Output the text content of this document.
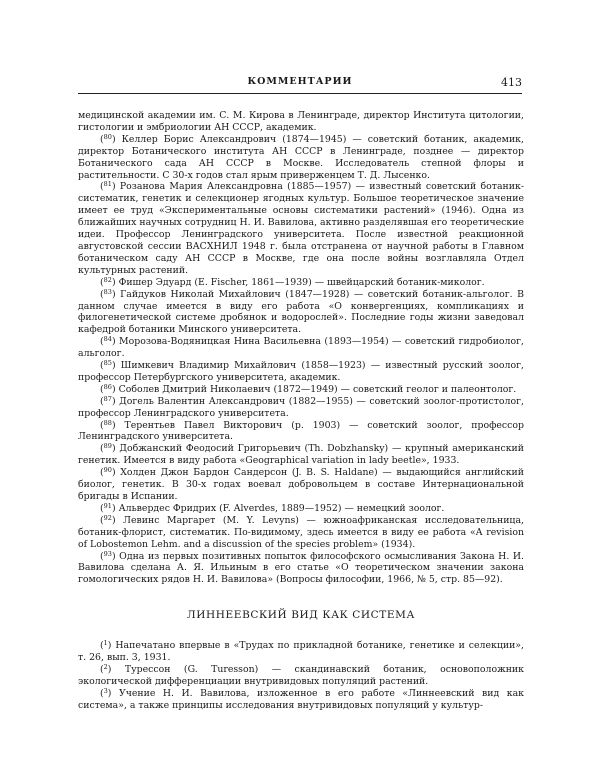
КОММЕНТАРИИ	413

медицинской академии им. С. М. Кирова в Ленинграде, директор Института цитологии, гистологии и эмбриологии АН СССР, академик.

($^{80}$) Келлер Борис Александрович (1874—1945) — советский ботаник, академик, директор Ботанического института АН СССР в Ленинграде, позднее — директор Ботанического сада АН СССР в Москве. Исследователь степной флоры и растительности. С 30-х годов стал ярым приверженцем Т. Д. Лысенко.

($^{81}$) Розанова Мария Александровна (1885—1957) — известный советский ботаник-систематик, генетик и селекционер ягодных культур. Большое теоретическое значение имеет ее труд «Экспериментальные основы систематики растений» (1946). Одна из ближайших научных сотрудниц Н. И. Вавилова, активно разделявшая его теоретические идеи. Профессор Ленинградского университета. После известной реакционной августовской сессии ВАСХНИЛ 1948 г. была отстранена от научной работы в Главном ботаническом саду АН СССР в Москве, где она после войны возглавляла Отдел культурных растений.

($^{82}$) Фишер Эдуард (E. Fischer, 1861—1939) — швейцарский ботаник-миколог.

($^{83}$) Гайдуков Николай Михайлович (1847—1928) — советский ботаник-альголог. В данном случае имеется в виду его работа «О конвергенциях, компликациях и филогенетической системе дробянок и водорослей». Последние годы жизни заведовал кафедрой ботаники Минского университета.

($^{84}$) Морозова-Водяницкая Нина Васильевна (1893—1954) — советский гидробиолог, альголог.

($^{85}$) Шимкевич Владимир Михайлович (1858—1923) — известный русский зоолог, профессор Петербургского университета, академик.

($^{86}$) Соболев Дмитрий Николаевич (1872—1949) — советский геолог и палеонтолог.

($^{87}$) Догель Валентин Александрович (1882—1955) — советский зоолог-протистолог, профессор Ленинградского университета.

($^{88}$) Терентьев Павел Викторович (р. 1903) — советский зоолог, профессор Ленинградского университета.

($^{89}$) Добжанский Феодосий Григорьевич (Th. Dobzhansky) — крупный американский генетик. Имеется в виду работа «Geographical variation in lady beetle», 1933.

($^{90}$) Холден Джон Бардон Сандерсон (J. B. S. Haldane) — выдающийся английский биолог, генетик. В 30-х годах воевал добровольцем в составе Интернациональной бригады в Испании.

($^{91}$) Альвердес Фридрих (F. Alverdes, 1889—1952) — немецкий зоолог.

($^{92}$) Левинс Маргарет (M. Y. Levyns) — южноафриканская исследовательница, ботаник-флорист, систематик. По-видимому, здесь имеется в виду ее работа «A revision of Lobostemon Lehm. and a discussion of the species problem» (1934).

($^{93}$) Одна из первых позитивных попыток философского осмысливания Закона Н. И. Вавилова сделана А. Я. Ильиным в его статье «О теоретическом значении закона гомологических рядов Н. И. Вавилова» (Вопросы философии, 1966, № 5, стр. 85—92).

ЛИННЕЕВСКИЙ ВИД КАК СИСТЕМА

($^1$) Напечатано впервые в «Трудах по прикладной ботанике, генетике и селекции», т. 26, вып. 3, 1931.

($^2$) Турессон (G. Turesson) — скандинавский ботаник, основоположник экологической дифференциации внутривидовых популяций растений.

($^3$) Учение Н. И. Вавилова, изложенное в его работе «Линнеевский вид как система», а также принципы исследования внутривидовых популяций у культур-
